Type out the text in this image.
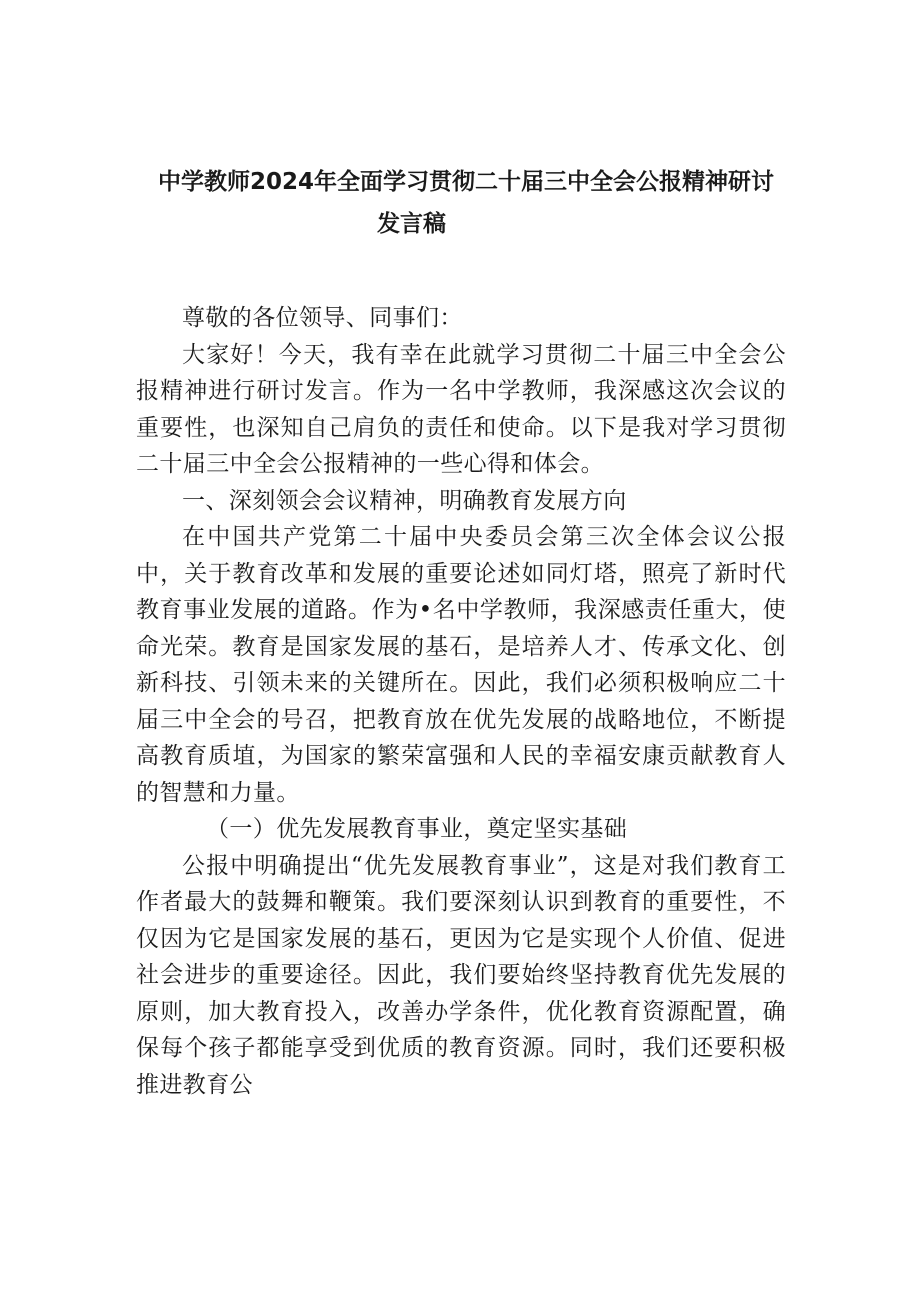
中学教师2024年全面学习贯彻二十届三中全会公报精神研讨
发言稿

尊敬的各位领导、同事们：

大家好！今天，我有幸在此就学习贯彻二十届三中全会公报精神进行研讨发言。作为一名中学教师，我深感这次会议的重要性，也深知自己肩负的责任和使命。以下是我对学习贯彻二十届三中全会公报精神的一些心得和体会。

一、深刻领会会议精神，明确教育发展方向

在中国共产党第二十届中央委员会第三次全体会议公报中，关于教育改革和发展的重要论述如同灯塔，照亮了新时代教育事业发展的道路。作为•名中学教师，我深感责任重大，使命光荣。教育是国家发展的基石，是培养人才、传承文化、创新科技、引领未来的关键所在。因此，我们必须积极响应二十届三中全会的号召，把教育放在优先发展的战略地位，不断提高教育质埴，为国家的繁荣富强和人民的幸福安康贡献教育人的智慧和力量。

（一）优先发展教育事业，奠定坚实基础

公报中明确提出“优先发展教育事业”，这是对我们教育工作者最大的鼓舞和鞭策。我们要深刻认识到教育的重要性，不仅因为它是国家发展的基石，更因为它是实现个人价值、促进社会进步的重要途径。因此，我们要始终坚持教育优先发展的原则，加大教育投入，改善办学条件，优化教育资源配置，确保每个孩子都能享受到优质的教育资源。同时，我们还要积极推进教育公
